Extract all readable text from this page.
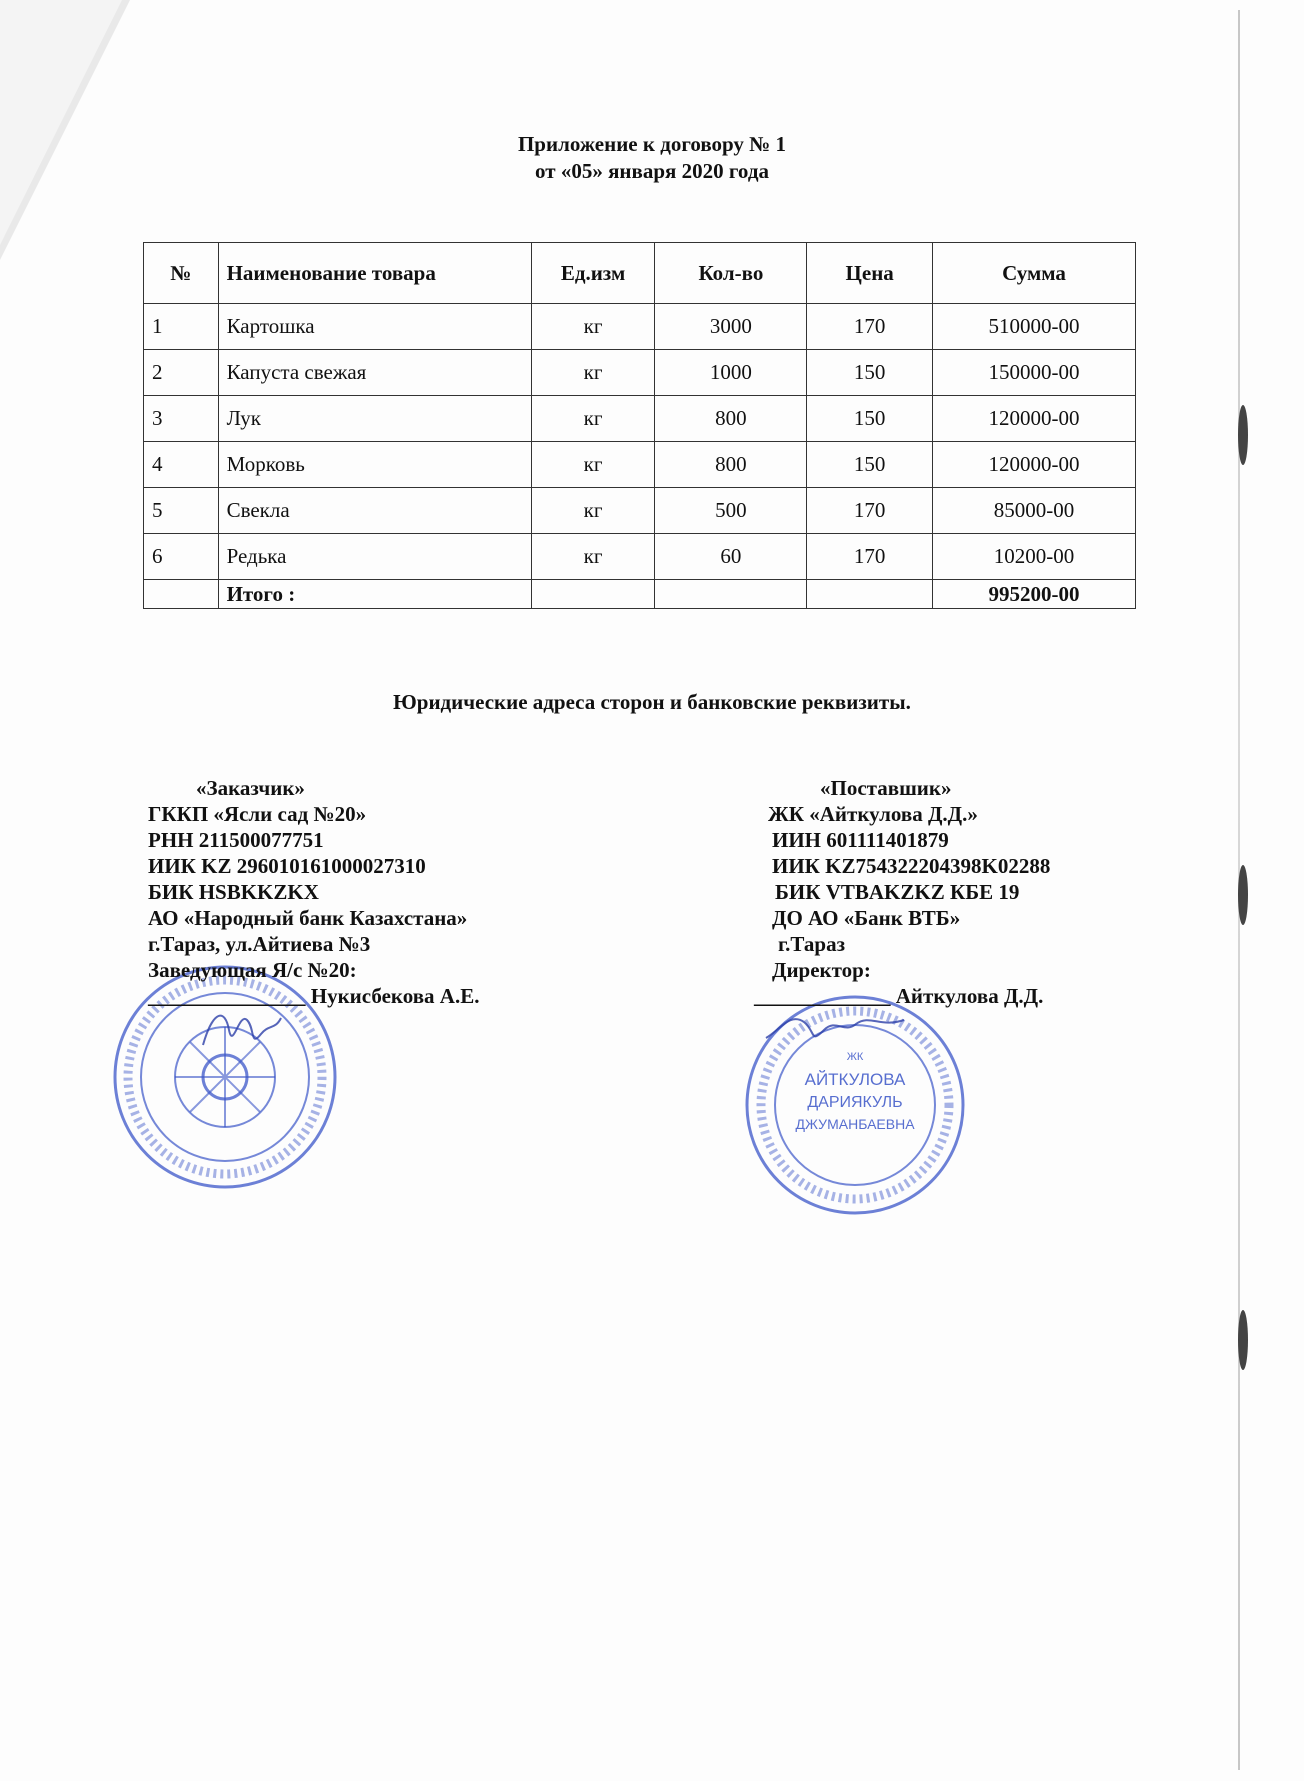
Приложение к договору № 1
от «05» января 2020 года
№	Наименование товара	Ед.изм	Кол-во	Цена	Сумма
1	Картошка	кг	3000	170	510000-00
2	Капуста свежая	кг	1000	150	150000-00
3	Лук	кг	800	150	120000-00
4	Морковь	кг	800	150	120000-00
5	Свекла	кг	500	170	85000-00
6	Редька	кг	60	170	10200-00
	Итого :				995200-00
Юридические адреса сторон и банковские реквизиты.
ЖК
АЙТКУЛОВА
ДАРИЯКУЛЬ
ДЖУМАНБАЕВНА
«Заказчик»
ГККП «Ясли сад №20»
РНН 211500077751
ИИК KZ 296010161000027310
БИК HSBKKZKX
АО «Народный банк Казахстана»
г.Тараз, ул.Айтиева №3
Заведующая Я/с №20:
_______________ Нукисбекова А.Е.
«Поставшик»
ЖК «Айткулова Д.Д.»
ИИН 601111401879
ИИК KZ754322204398K02288
БИК VTBAKZKZ КБЕ 19
ДО АО «Банк ВТБ»
г.Тараз
Директор:
_____________ Айткулова Д.Д.
